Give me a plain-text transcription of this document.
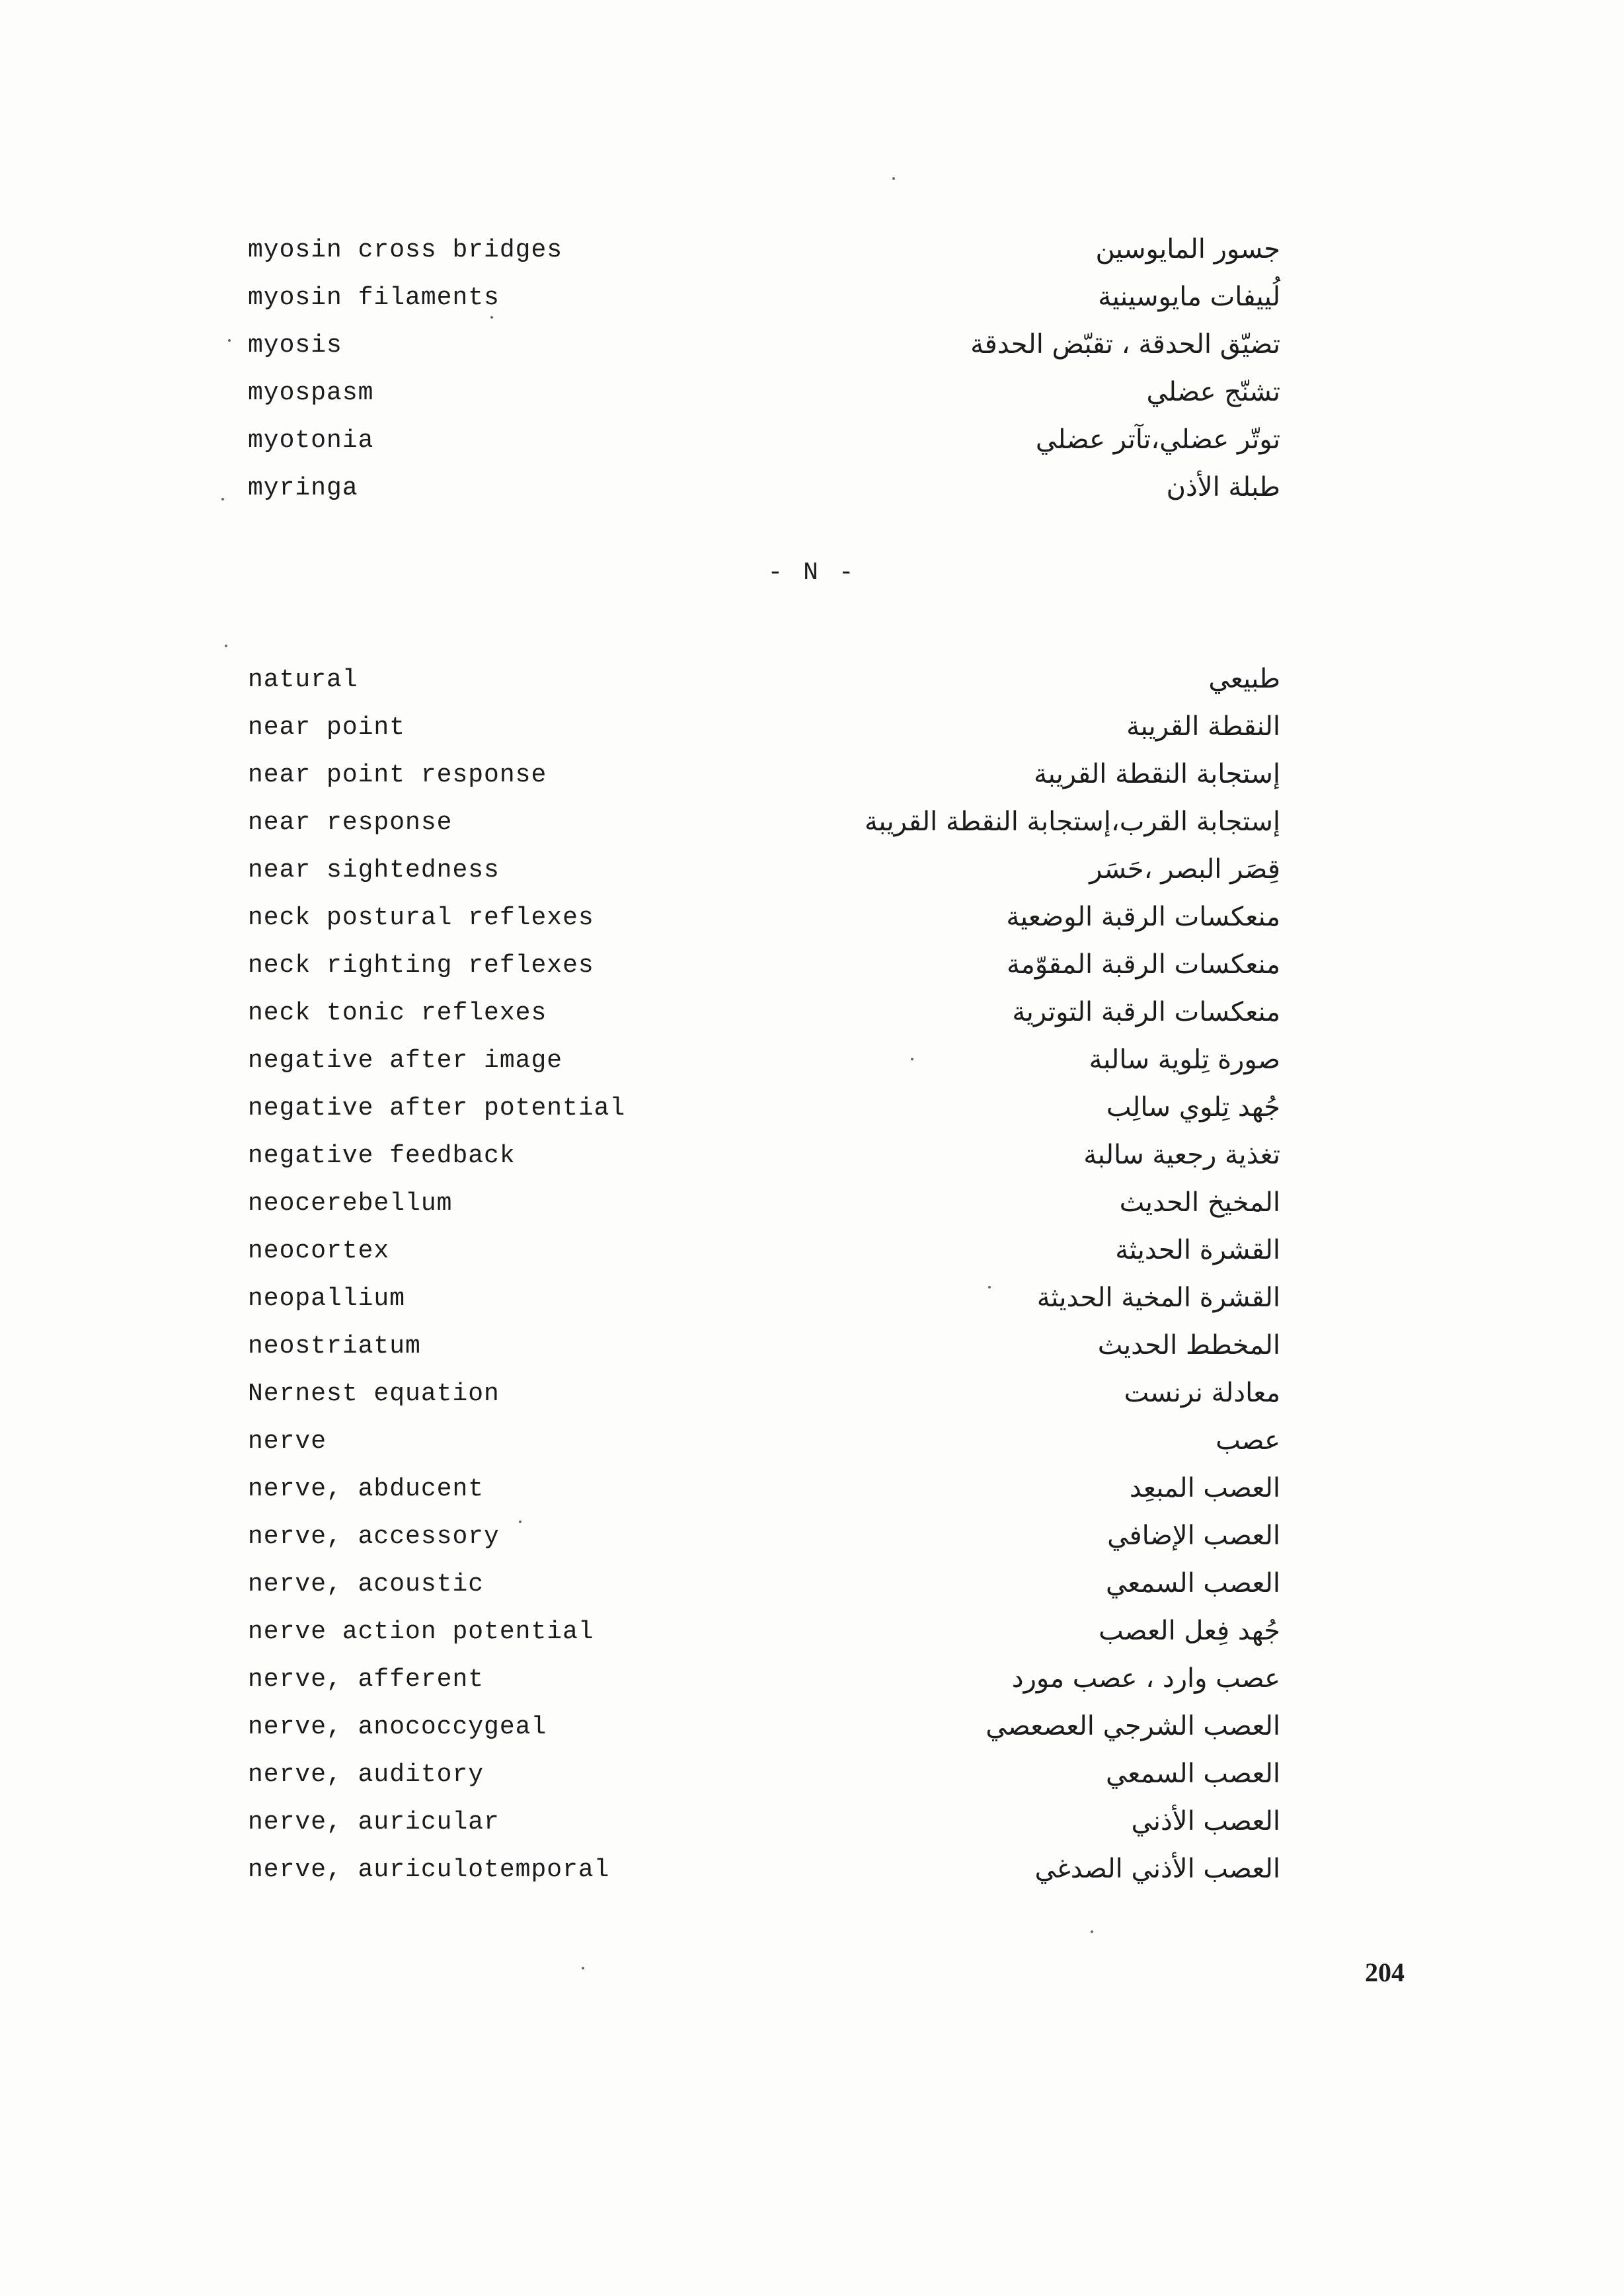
myosin cross bridges	جسور المايوسين
myosin filaments	لُييفات مايوسينية
myosis	تضيّق الحدقة ، تقبّض الحدقة
myospasm	تشنّج عضلي
myotonia	توتّر عضلي،تآتر عضلي
myringa	طبلة الأذن
- N -
natural	طبيعي
near point	النقطة القريبة
near point response	إستجابة النقطة القريبة
near response	إستجابة القرب،إستجابة النقطة القريبة
near sightedness	قِصَر البصر ،حَسَر
neck postural reflexes	منعكسات الرقبة الوضعية
neck righting reflexes	منعكسات الرقبة المقوّمة
neck tonic reflexes	منعكسات الرقبة التوترية
negative after image	صورة تِلوية سالبة
negative after potential	جُهد تِلوي سالِب
negative feedback	تغذية رجعية سالبة
neocerebellum	المخيخ الحديث
neocortex	القشرة الحديثة
neopallium	القشرة المخية الحديثة
neostriatum	المخطط الحديث
Nernest equation	معادلة نرنست
nerve	عصب
nerve, abducent	العصب المبعِد
nerve, accessory	العصب الإضافي
nerve, acoustic	العصب السمعي
nerve action potential	جُهد فِعل العصب
nerve, afferent	عصب وارد ، عصب مورد
nerve, anococcygeal	العصب الشرجي العصعصي
nerve, auditory	العصب السمعي
nerve, auricular	العصب الأذني
nerve, auriculotemporal	العصب الأذني الصدغي
204
